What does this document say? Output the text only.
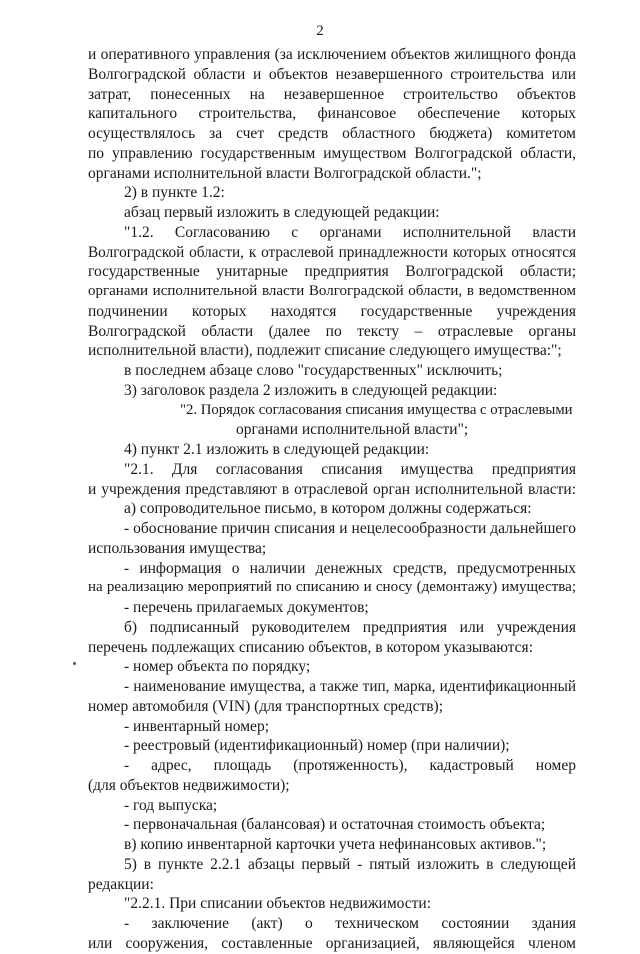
2
и оперативного управления (за исключением объектов жилищного фонда
Волгоградской области и объектов незавершенного строительства или
затрат, понесенных на незавершенное строительство объектов
капитального строительства, финансовое обеспечение которых
осуществлялось за счет средств областного бюджета) комитетом
по управлению государственным имуществом Волгоградской области,
органами исполнительной власти Волгоградской области.";
2) в пункте 1.2:
абзац первый изложить в следующей редакции:
"1.2. Согласованию с органами исполнительной власти
Волгоградской области, к отраслевой принадлежности которых относятся
государственные унитарные предприятия Волгоградской области;
органами исполнительной власти Волгоградской области, в ведомственном
подчинении которых находятся государственные учреждения
Волгоградской области (далее по тексту – отраслевые органы
исполнительной власти), подлежит списание следующего имущества:";
в последнем абзаце слово "государственных" исключить;
3) заголовок раздела 2 изложить в следующей редакции:
"2. Порядок согласования списания имущества с отраслевыми
органами исполнительной власти";
4) пункт 2.1 изложить в следующей редакции:
"2.1. Для согласования списания имущества предприятия
и учреждения представляют в отраслевой орган исполнительной власти:
а) сопроводительное письмо, в котором должны содержаться:
- обоснование причин списания и нецелесообразности дальнейшего
использования имущества;
- информация о наличии денежных средств, предусмотренных
на реализацию мероприятий по списанию и сносу (демонтажу) имущества;
- перечень прилагаемых документов;
б) подписанный руководителем предприятия или учреждения
перечень подлежащих списанию объектов, в котором указываются:
- номер объекта по порядку;
- наименование имущества, а также тип, марка, идентификационный
номер автомобиля (VIN) (для транспортных средств);
- инвентарный номер;
- реестровый (идентификационный) номер (при наличии);
- адрес, площадь (протяженность), кадастровый номер
(для объектов недвижимости);
- год выпуска;
- первоначальная (балансовая) и остаточная стоимость объекта;
в) копию инвентарной карточки учета нефинансовых активов.";
5) в пункте 2.2.1 абзацы первый - пятый изложить в следующей
редакции:
"2.2.1. При списании объектов недвижимости:
- заключение (акт) о техническом состоянии здания
или сооружения, составленные организацией, являющейся членом
